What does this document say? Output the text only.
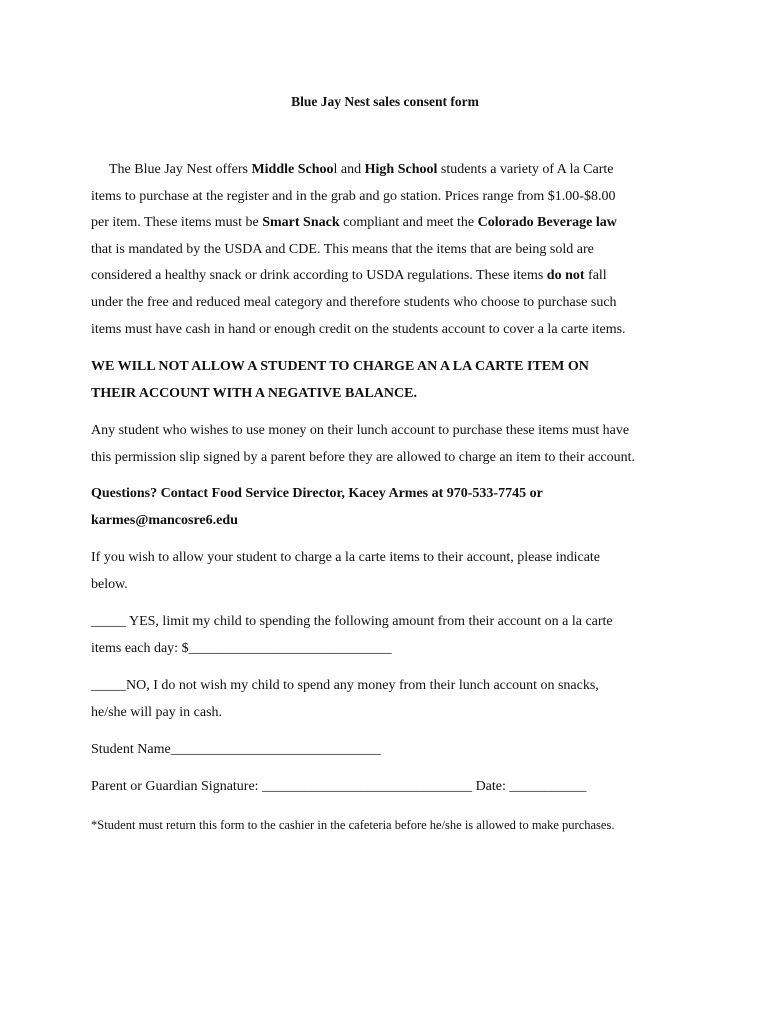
Blue Jay Nest sales consent form
The Blue Jay Nest offers Middle School and High School students a variety of A la Carte
items to purchase at the register and in the grab and go station. Prices range from $1.00-$8.00
per item. These items must be Smart Snack compliant and meet the Colorado Beverage law
that is mandated by the USDA and CDE. This means that the items that are being sold are
considered a healthy snack or drink according to USDA regulations. These items do not fall
under the free and reduced meal category and therefore students who choose to purchase such
items must have cash in hand or enough credit on the students account to cover a la carte items.
WE WILL NOT ALLOW A STUDENT TO CHARGE AN A LA CARTE ITEM ON
THEIR ACCOUNT WITH A NEGATIVE BALANCE.
Any student who wishes to use money on their lunch account to purchase these items must have
this permission slip signed by a parent before they are allowed to charge an item to their account.
Questions? Contact Food Service Director, Kacey Armes at 970-533-7745 or
karmes@mancosre6.edu
If you wish to allow your student to charge a la carte items to their account, please indicate
below.
_____ YES, limit my child to spending the following amount from their account on a la carte
items each day: $_____________________________
_____NO, I do not wish my child to spend any money from their lunch account on snacks,
he/she will pay in cash.
Student Name______________________________
Parent or Guardian Signature: ______________________________ Date: ___________
*Student must return this form to the cashier in the cafeteria before he/she is allowed to make purchases.
